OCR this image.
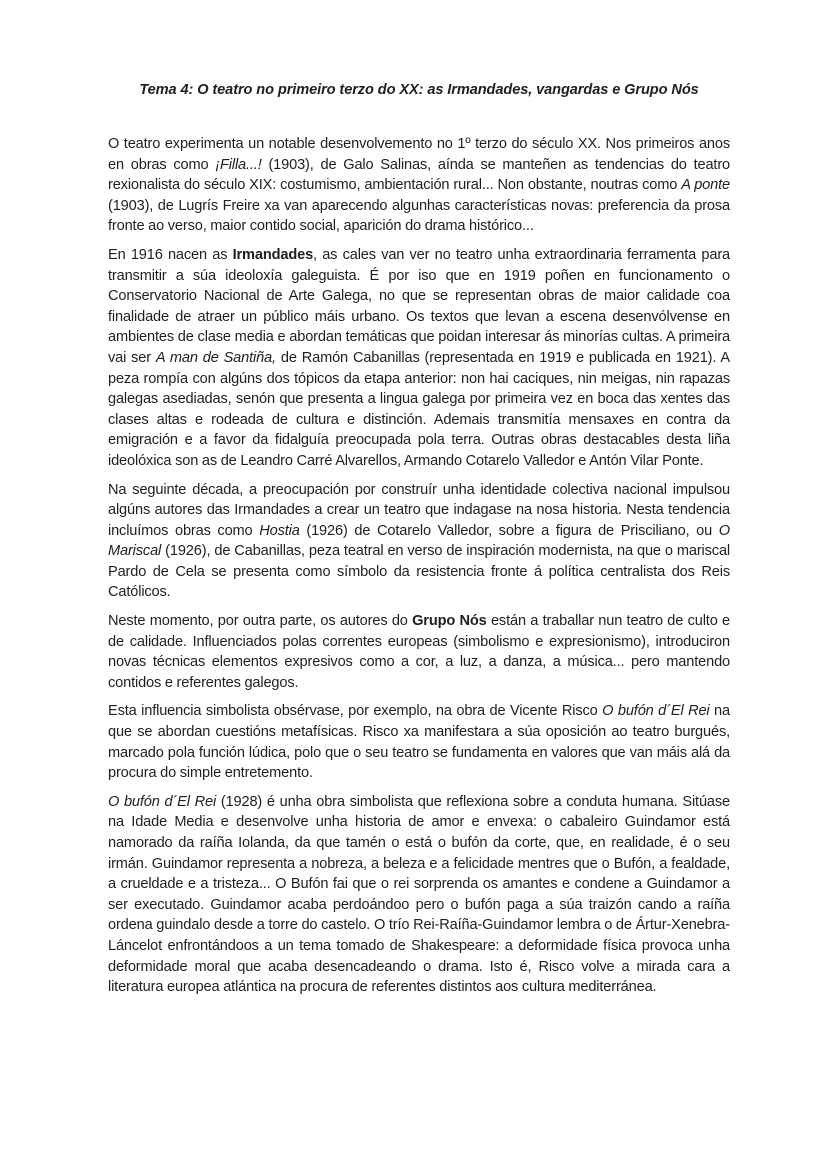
Tema 4: O teatro no primeiro terzo do XX: as Irmandades, vangardas e Grupo Nós

O teatro experimenta un notable desenvolvemento no 1º terzo do século XX. Nos primeiros anos en obras como ¡Filla...! (1903), de Galo Salinas, aínda se manteñen as tendencias do teatro rexionalista do século XIX: costumismo, ambientación rural... Non obstante, noutras como A ponte (1903), de Lugrís Freire xa van aparecendo algunhas características novas: preferencia da prosa fronte ao verso, maior contido social, aparición do drama histórico...

En 1916 nacen as Irmandades, as cales van ver no teatro unha extraordinaria ferramenta para transmitir a súa ideoloxía galeguista. É por iso que en 1919 poñen en funcionamento o Conservatorio Nacional de Arte Galega, no que se representan obras de maior calidade coa finalidade de atraer un público máis urbano. Os textos que levan a escena desenvólvense en ambientes de clase media e abordan temáticas que poidan interesar ás minorías cultas. A primeira vai ser A man de Santiña, de Ramón Cabanillas (representada en 1919 e publicada en 1921). A peza rompía con algúns dos tópicos da etapa anterior: non hai caciques, nin meigas, nin rapazas galegas asediadas, senón que presenta a lingua galega por primeira vez en boca das xentes das clases altas e rodeada de cultura e distinción. Ademais transmitía mensaxes en contra da emigración e a favor da fidalguía preocupada pola terra. Outras obras destacables desta liña ideolóxica son as de Leandro Carré Alvarellos, Armando Cotarelo Valledor e Antón Vilar Ponte.

Na seguinte década, a preocupación por construír unha identidade colectiva nacional impulsou algúns autores das Irmandades a crear un teatro que indagase na nosa historia. Nesta tendencia incluímos obras como Hostia (1926) de Cotarelo Valledor, sobre a figura de Prisciliano, ou O Mariscal (1926), de Cabanillas, peza teatral en verso de inspiración modernista, na que o mariscal Pardo de Cela se presenta como símbolo da resistencia fronte á política centralista dos Reis Católicos.

Neste momento, por outra parte, os autores do Grupo Nós están a traballar nun teatro de culto e de calidade. Influenciados polas correntes europeas (simbolismo e expresionismo), introduciron novas técnicas elementos expresivos como a cor, a luz, a danza, a música... pero mantendo contidos e referentes galegos.

Esta influencia simbolista obsérvase, por exemplo, na obra de Vicente Risco O bufón d´El Rei na que se abordan cuestións metafísicas. Risco xa manifestara a súa oposición ao teatro burgués, marcado pola función lúdica, polo que o seu teatro se fundamenta en valores que van máis alá da procura do simple entretemento.

O bufón d´El Rei (1928) é unha obra simbolista que reflexiona sobre a conduta humana. Sitúase na Idade Media e desenvolve unha historia de amor e envexa: o cabaleiro Guindamor está namorado da raíña Iolanda, da que tamén o está o bufón da corte, que, en realidade, é o seu irmán. Guindamor representa a nobreza, a beleza e a felicidade mentres que o Bufón, a fealdade, a crueldade e a tristeza... O Bufón fai que o rei sorprenda os amantes e condene a Guindamor a ser executado. Guindamor acaba perdoándoo pero o bufón paga a súa traizón cando a raíña ordena guindalo desde a torre do castelo. O trío Rei-Raíña-Guindamor lembra o de Ártur-Xenebra-Láncelot enfrontándoos a un tema tomado de Shakespeare: a deformidade física provoca unha deformidade moral que acaba desencadeando o drama. Isto é, Risco volve a mirada cara a literatura europea atlántica na procura de referentes distintos aos cultura mediterránea.
